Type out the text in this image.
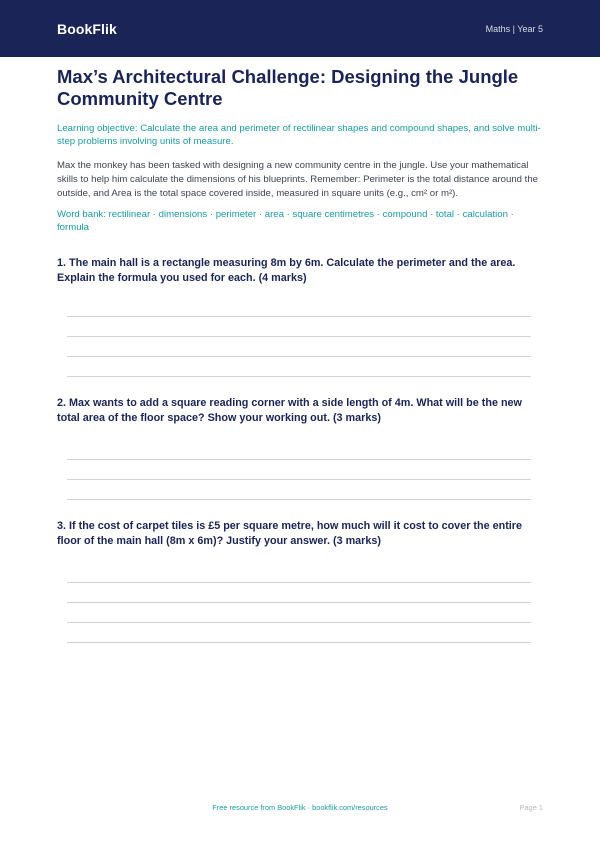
BookFlik	Maths | Year 5
Max’s Architectural Challenge: Designing the Jungle Community Centre
Learning objective: Calculate the area and perimeter of rectilinear shapes and compound shapes, and solve multi-step problems involving units of measure.
Max the monkey has been tasked with designing a new community centre in the jungle. Use your mathematical skills to help him calculate the dimensions of his blueprints. Remember: Perimeter is the total distance around the outside, and Area is the total space covered inside, measured in square units (e.g., cm² or m²).
Word bank: rectilinear · dimensions · perimeter · area · square centimetres · compound · total · calculation · formula
1. The main hall is a rectangle measuring 8m by 6m. Calculate the perimeter and the area. Explain the formula you used for each. (4 marks)
2. Max wants to add a square reading corner with a side length of 4m. What will be the new total area of the floor space? Show your working out. (3 marks)
3. If the cost of carpet tiles is £5 per square metre, how much will it cost to cover the entire floor of the main hall (8m x 6m)? Justify your answer. (3 marks)
Free resource from BookFlik · bookflik.com/resources	Page 1
